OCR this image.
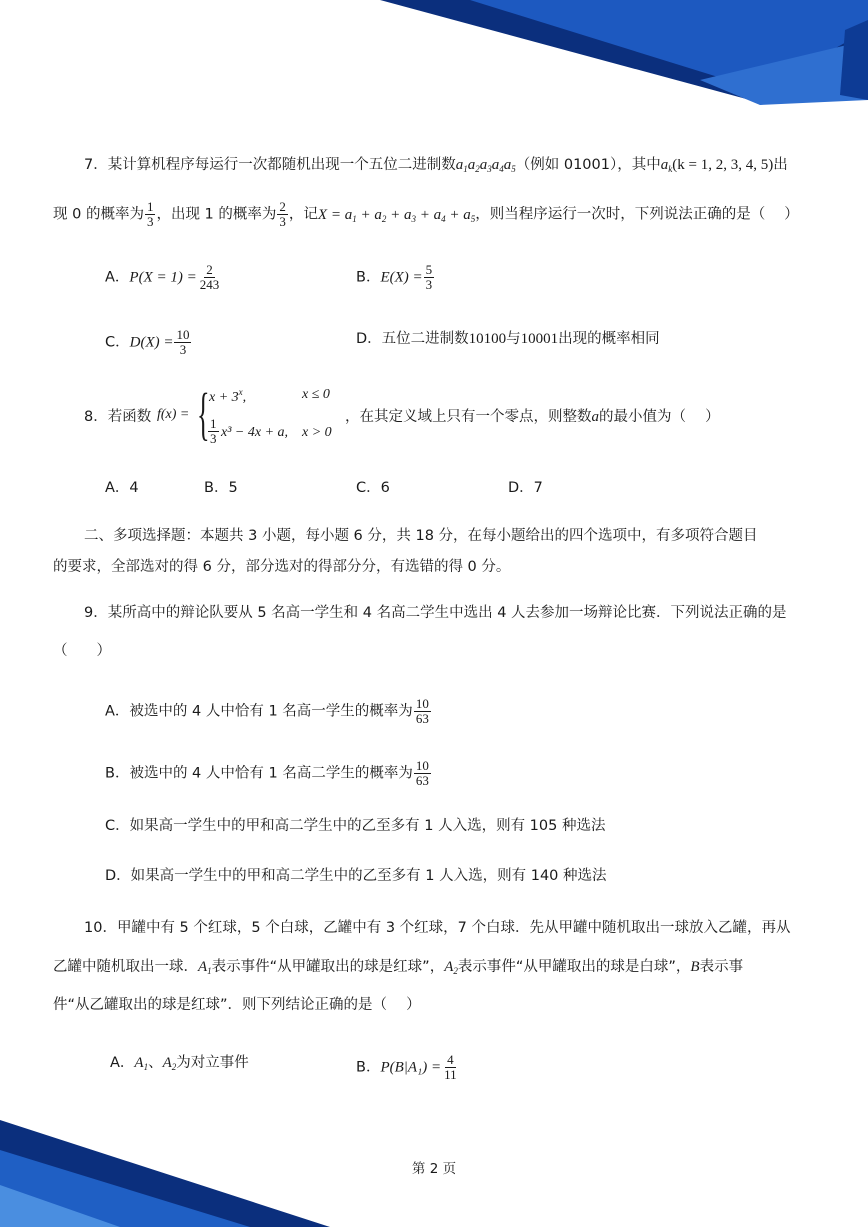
7．某计算机程序每运行一次都随机出现一个五位二进制数$a_1a_2a_3a_4a_5$（例如 01001），其中$a_k(k = 1$, 2, 3, 4, 5)出
现 0 的概率为 $\frac{1}{3}$ ，出现 1 的概率为 $\frac{2}{3}$ ，记$X = a_1 + a_2 + a_3 + a_4 + a_5$，则当程序运行一次时，下列说法正确的是（　 ）
A．$P(X = 1) = \frac{2}{243}$	B．$E(X) = \frac{5}{3}$
C．$D(X) = \frac{10}{3}$	D．五位二进制数10100与10001出现的概率相同
8．若函数 f(x) = { $x + 3^x$,	x ≤ 0
$\frac{1}{3} x^3 - 4x + a$, x > 0
，在其定义域上只有一个零点，则整数a的最小值为（　 ）
A．4	B．5	C．6	D．7
二、多项选择题：本题共 3 小题，每小题 6 分，共 18 分，在每小题给出的四个选项中，有多项符合题目
的要求，全部选对的得 6 分，部分选对的得部分分，有选错的得 0 分。
9．某所高中的辩论队要从 5 名高一学生和 4 名高二学生中选出 4 人去参加一场辩论比赛．下列说法正确的是
（　　）
A．被选中的 4 人中恰有 1 名高一学生的概率为 $\frac{10}{63}$
B．被选中的 4 人中恰有 1 名高二学生的概率为 $\frac{10}{63}$
C．如果高一学生中的甲和高二学生中的乙至多有 1 人入选，则有 105 种选法
D．如果高一学生中的甲和高二学生中的乙至多有 1 人入选，则有 140 种选法
10．甲罐中有 5 个红球，5 个白球，乙罐中有 3 个红球，7 个白球．先从甲罐中随机取出一球放入乙罐，再从
乙罐中随机取出一球．$A_1$表示事件“从甲罐取出的球是红球”，$A_2$表示事件“从甲罐取出的球是白球”，B表示事
件“从乙罐取出的球是红球”．则下列结论正确的是（　 ）
A．$A_1$、$A_2$为对立事件	B．$P(B|A_1) = \frac{4}{11}$
第 2 页
